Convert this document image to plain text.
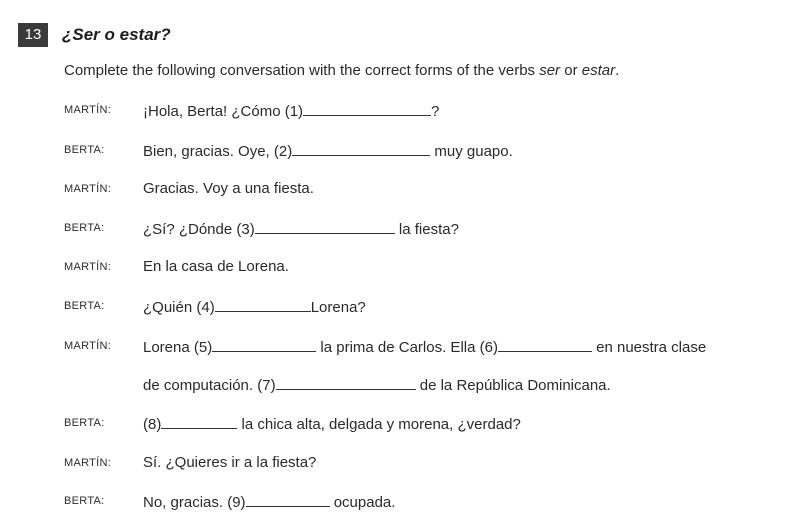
13	¿Ser o estar?
Complete the following conversation with the correct forms of the verbs ser or estar.
MARTÍN: ¡Hola, Berta! ¿Cómo (1)	?
BERTA:	Bien, gracias. Oye, (2)	muy guapo.
MARTÍN: Gracias. Voy a una fiesta.
BERTA:	¿Sí? ¿Dónde (3)	la fiesta?
MARTÍN: En la casa de Lorena.
BERTA:	¿Quién (4)	Lorena?
MARTÍN: Lorena (5)	la prima de Carlos. Ella (6)	en nuestra clase
de computación. (7)	de la República Dominicana.
BERTA:	(8)	la chica alta, delgada y morena, ¿verdad?
MARTÍN: Sí. ¿Quieres ir a la fiesta?
BERTA:	No, gracias. (9)	ocupada.
